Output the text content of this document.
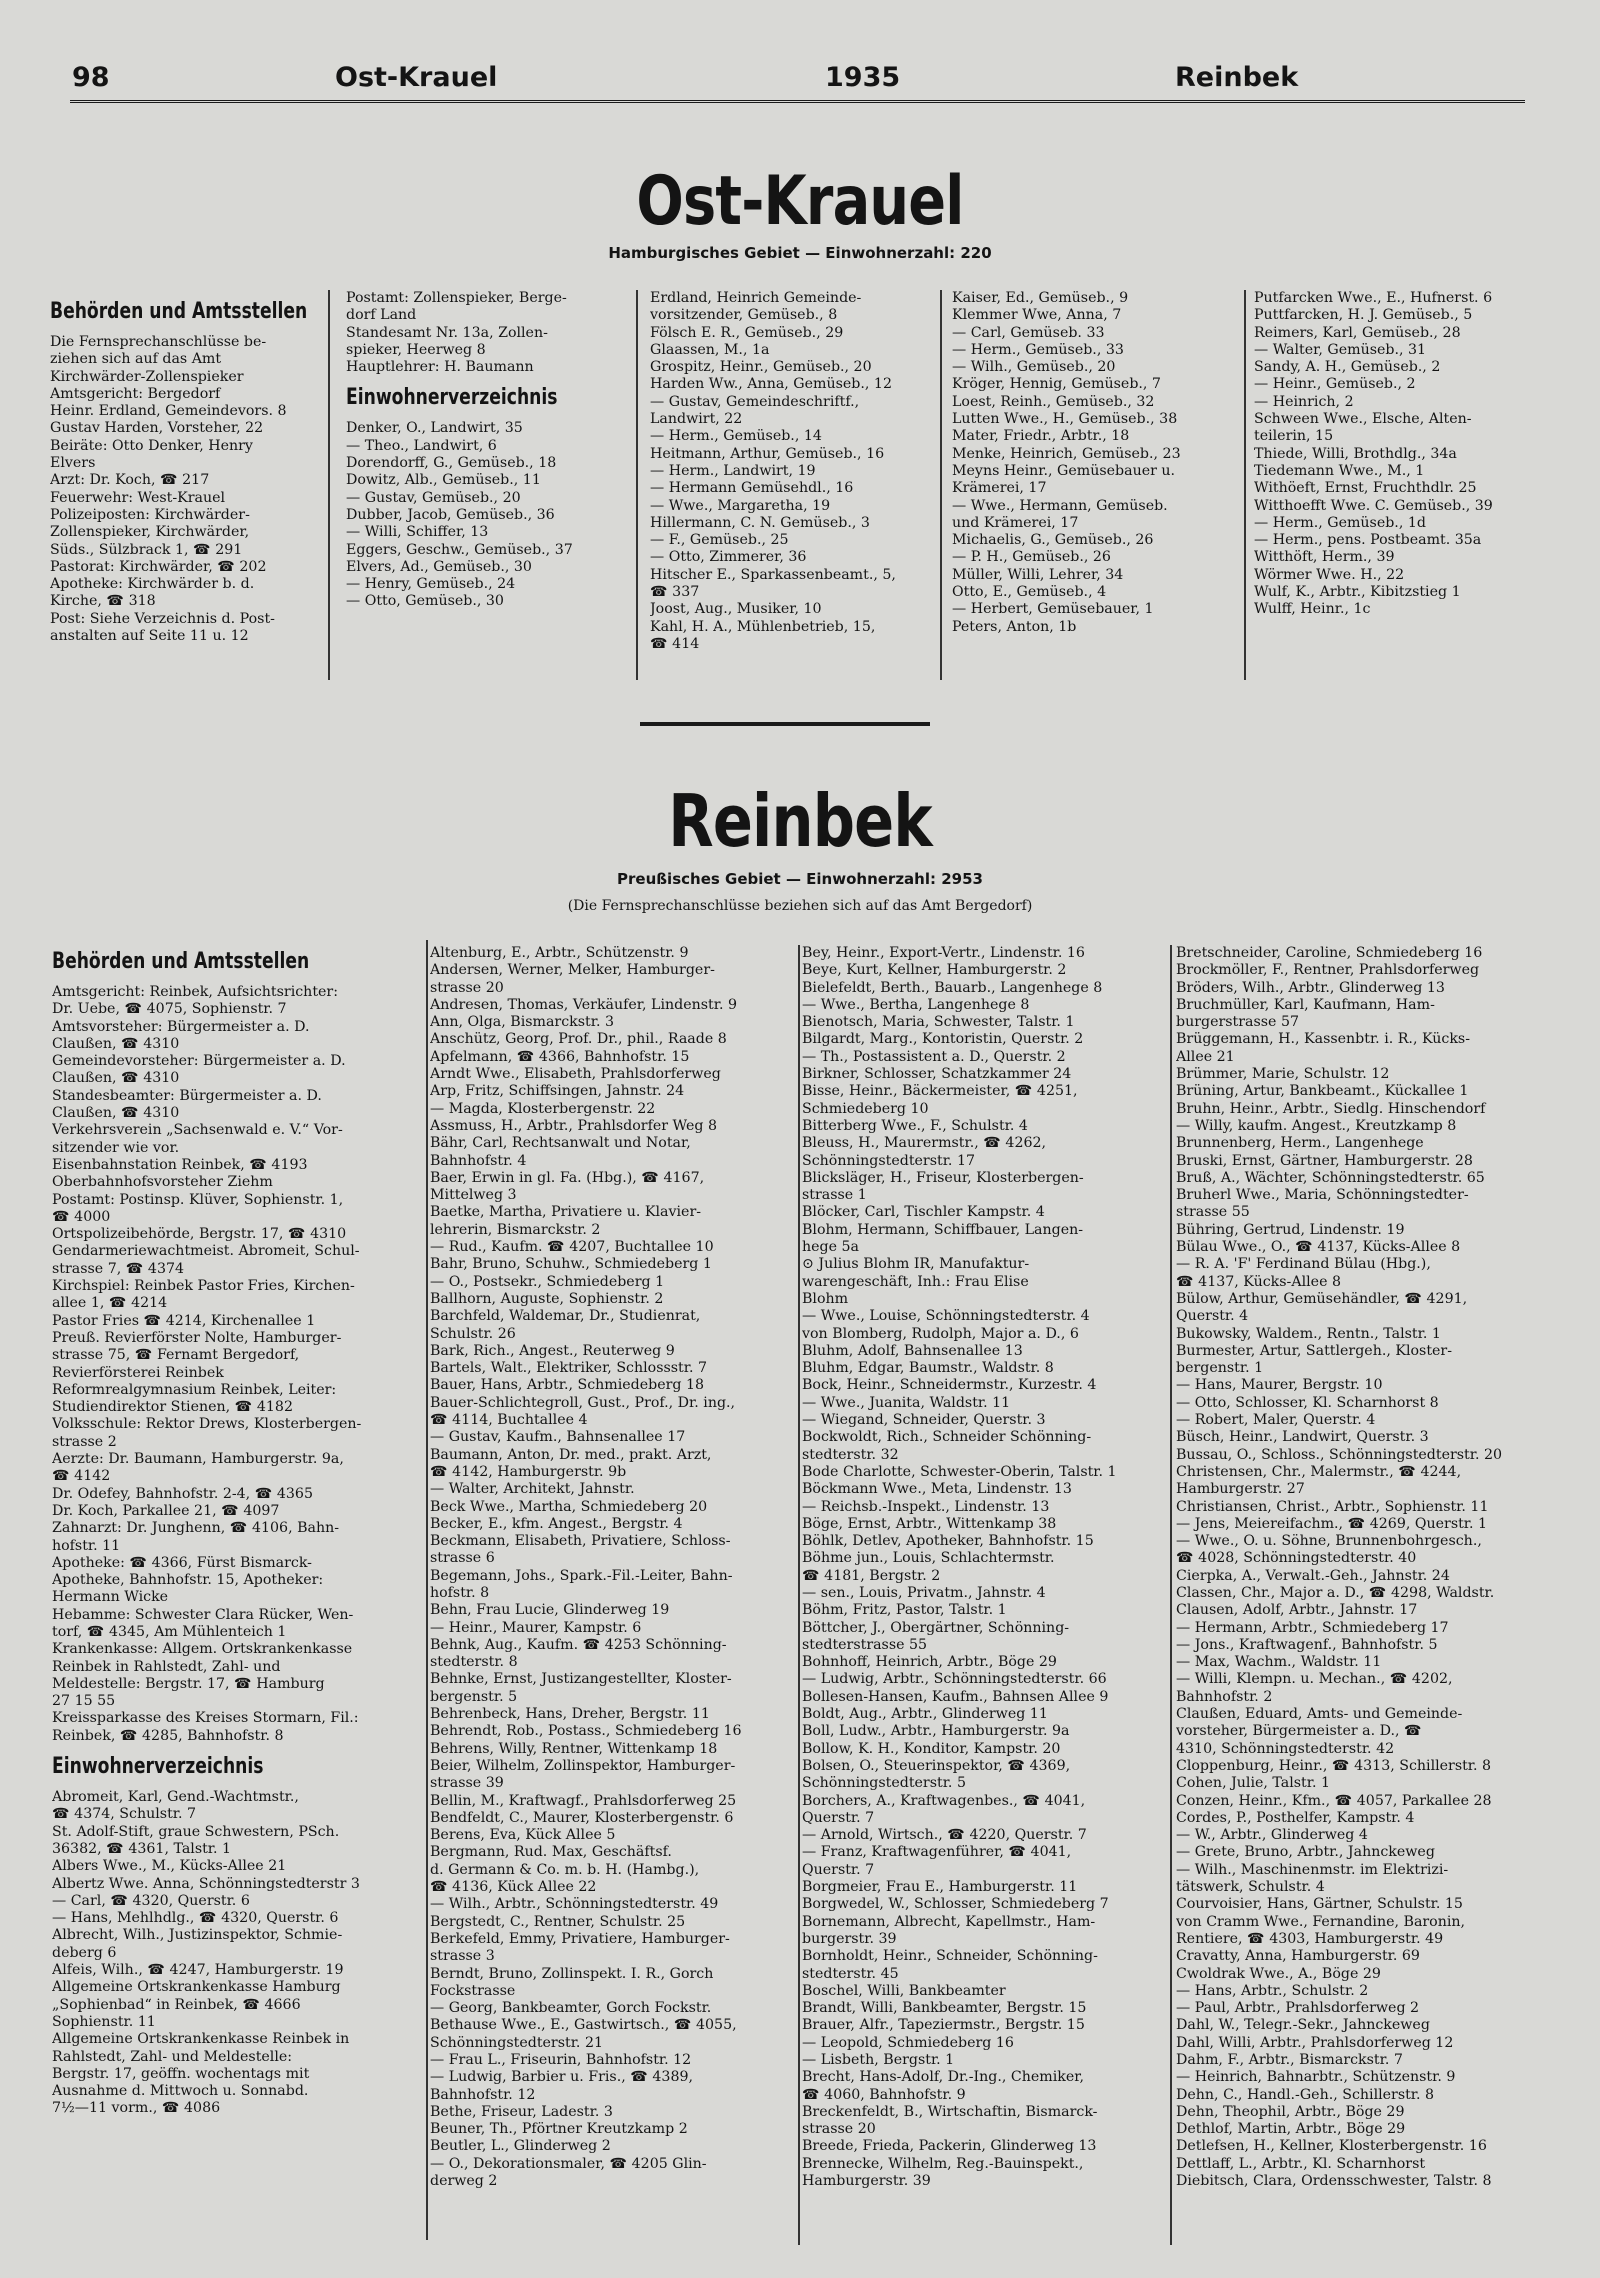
98	Ost-Krauel	1935	Reinbek
Ost-Krauel
Hamburgisches Gebiet — Einwohnerzahl: 220
Behörden und Amtsstellen
Die Fernsprechanschlüsse be-
ziehen sich auf das Amt
Kirchwärder-Zollenspieker
Amtsgericht: Bergedorf
Heinr. Erdland, Gemeindevors. 8
Gustav Harden, Vorsteher, 22
Beiräte: Otto Denker, Henry
Elvers
Arzt: Dr. Koch, ☎ 217
Feuerwehr: West-Krauel
Polizeiposten: Kirchwärder-
Zollenspieker, Kirchwärder,
Süds., Sülzbrack 1, ☎ 291
Pastorat: Kirchwärder, ☎ 202
Apotheke: Kirchwärder b. d.
Kirche, ☎ 318
Post: Siehe Verzeichnis d. Post-
anstalten auf Seite 11 u. 12
Postamt: Zollenspieker, Berge-
dorf Land
Standesamt Nr. 13a, Zollen-
spieker, Heerweg 8
Hauptlehrer: H. Baumann
Einwohnerverzeichnis
Denker, O., Landwirt, 35
— Theo., Landwirt, 6
Dorendorff, G., Gemüseb., 18
Dowitz, Alb., Gemüseb., 11
— Gustav, Gemüseb., 20
Dubber, Jacob, Gemüseb., 36
— Willi, Schiffer, 13
Eggers, Geschw., Gemüseb., 37
Elvers, Ad., Gemüseb., 30
— Henry, Gemüseb., 24
— Otto, Gemüseb., 30
Erdland, Heinrich Gemeinde-
vorsitzender, Gemüseb., 8
Fölsch E. R., Gemüseb., 29
Glaassen, M., 1a
Grospitz, Heinr., Gemüseb., 20
Harden Ww., Anna, Gemüseb., 12
— Gustav, Gemeindeschriftf.,
Landwirt, 22
— Herm., Gemüseb., 14
Heitmann, Arthur, Gemüseb., 16
— Herm., Landwirt, 19
— Hermann Gemüsehdl., 16
— Wwe., Margaretha, 19
Hillermann, C. N. Gemüseb., 3
— F., Gemüseb., 25
— Otto, Zimmerer, 36
Hitscher E., Sparkassenbeamt., 5,
☎ 337
Joost, Aug., Musiker, 10
Kahl, H. A., Mühlenbetrieb, 15,
☎ 414
Kaiser, Ed., Gemüseb., 9
Klemmer Wwe, Anna, 7
— Carl, Gemüseb. 33
— Herm., Gemüseb., 33
— Wilh., Gemüseb., 20
Kröger, Hennig, Gemüseb., 7
Loest, Reinh., Gemüseb., 32
Lutten Wwe., H., Gemüseb., 38
Mater, Friedr., Arbtr., 18
Menke, Heinrich, Gemüseb., 23
Meyns Heinr., Gemüsebauer u.
Krämerei, 17
— Wwe., Hermann, Gemüseb.
und Krämerei, 17
Michaelis, G., Gemüseb., 26
— P. H., Gemüseb., 26
Müller, Willi, Lehrer, 34
Otto, E., Gemüseb., 4
— Herbert, Gemüsebauer, 1
Peters, Anton, 1b
Putfarcken Wwe., E., Hufnerst. 6
Puttfarcken, H. J. Gemüseb., 5
Reimers, Karl, Gemüseb., 28
— Walter, Gemüseb., 31
Sandy, A. H., Gemüseb., 2
— Heinr., Gemüseb., 2
— Heinrich, 2
Schween Wwe., Elsche, Alten-
teilerin, 15
Thiede, Willi, Brothdlg., 34a
Tiedemann Wwe., M., 1
Withöeft, Ernst, Fruchthdlr. 25
Witthoefft Wwe. C. Gemüseb., 39
— Herm., Gemüseb., 1d
— Herm., pens. Postbeamt. 35a
Witthöft, Herm., 39
Wörmer Wwe. H., 22
Wulf, K., Arbtr., Kibitzstieg 1
Wulff, Heinr., 1c
Reinbek
Preußisches Gebiet — Einwohnerzahl: 2953
(Die Fernsprechanschlüsse beziehen sich auf das Amt Bergedorf)
Behörden und Amtsstellen
Amtsgericht: Reinbek, Aufsichtsrichter:
Dr. Uebe, ☎ 4075, Sophienstr. 7
Amtsvorsteher: Bürgermeister a. D.
Claußen, ☎ 4310
Gemeindevorsteher: Bürgermeister a. D.
Claußen, ☎ 4310
Standesbeamter: Bürgermeister a. D.
Claußen, ☎ 4310
Verkehrsverein „Sachsenwald e. V.“ Vor-
sitzender wie vor.
Eisenbahnstation Reinbek, ☎ 4193
Oberbahnhofsvorsteher Ziehm
Postamt: Postinsp. Klüver, Sophienstr. 1,
☎ 4000
Ortspolizeibehörde, Bergstr. 17, ☎ 4310
Gendarmeriewachtmeist. Abromeit, Schul-
strasse 7, ☎ 4374
Kirchspiel: Reinbek Pastor Fries, Kirchen-
allee 1, ☎ 4214
Pastor Fries ☎ 4214, Kirchenallee 1
Preuß. Revierförster Nolte, Hamburger-
strasse 75, ☎ Fernamt Bergedorf,
Revierförsterei Reinbek
Reformrealgymnasium Reinbek, Leiter:
Studiendirektor Stienen, ☎ 4182
Volksschule: Rektor Drews, Klosterbergen-
strasse 2
Aerzte: Dr. Baumann, Hamburgerstr. 9a,
☎ 4142
Dr. Odefey, Bahnhofstr. 2-4, ☎ 4365
Dr. Koch, Parkallee 21, ☎ 4097
Zahnarzt: Dr. Junghenn, ☎ 4106, Bahn-
hofstr. 11
Apotheke: ☎ 4366, Fürst Bismarck-
Apotheke, Bahnhofstr. 15, Apotheker:
Hermann Wicke
Hebamme: Schwester Clara Rücker, Wen-
torf, ☎ 4345, Am Mühlenteich 1
Krankenkasse: Allgem. Ortskrankenkasse
Reinbek in Rahlstedt, Zahl- und
Meldestelle: Bergstr. 17, ☎ Hamburg
27 15 55
Kreissparkasse des Kreises Stormarn, Fil.:
Reinbek, ☎ 4285, Bahnhofstr. 8
Einwohnerverzeichnis
Abromeit, Karl, Gend.-Wachtmstr.,
☎ 4374, Schulstr. 7
St. Adolf-Stift, graue Schwestern, PSch.
36382, ☎ 4361, Talstr. 1
Albers Wwe., M., Kücks-Allee 21
Albertz Wwe. Anna, Schönningstedterstr 3
— Carl, ☎ 4320, Querstr. 6
— Hans, Mehlhdlg., ☎ 4320, Querstr. 6
Albrecht, Wilh., Justizinspektor, Schmie-
deberg 6
Alfeis, Wilh., ☎ 4247, Hamburgerstr. 19
Allgemeine Ortskrankenkasse Hamburg
„Sophienbad“ in Reinbek, ☎ 4666
Sophienstr. 11
Allgemeine Ortskrankenkasse Reinbek in
Rahlstedt, Zahl- und Meldestelle:
Bergstr. 17, geöffn. wochentags mit
Ausnahme d. Mittwoch u. Sonnabd.
7½—11 vorm., ☎ 4086
Altenburg, E., Arbtr., Schützenstr. 9
Andersen, Werner, Melker, Hamburger-
strasse 20
Andresen, Thomas, Verkäufer, Lindenstr. 9
Ann, Olga, Bismarckstr. 3
Anschütz, Georg, Prof. Dr., phil., Raade 8
Apfelmann, ☎ 4366, Bahnhofstr. 15
Arndt Wwe., Elisabeth, Prahlsdorferweg
Arp, Fritz, Schiffsingen, Jahnstr. 24
— Magda, Klosterbergenstr. 22
Assmuss, H., Arbtr., Prahlsdorfer Weg 8
Bähr, Carl, Rechtsanwalt und Notar,
Bahnhofstr. 4
Baer, Erwin in gl. Fa. (Hbg.), ☎ 4167,
Mittelweg 3
Baetke, Martha, Privatiere u. Klavier-
lehrerin, Bismarckstr. 2
— Rud., Kaufm. ☎ 4207, Buchtallee 10
Bahr, Bruno, Schuhw., Schmiedeberg 1
— O., Postsekr., Schmiedeberg 1
Ballhorn, Auguste, Sophienstr. 2
Barchfeld, Waldemar, Dr., Studienrat,
Schulstr. 26
Bark, Rich., Angest., Reuterweg 9
Bartels, Walt., Elektriker, Schlossstr. 7
Bauer, Hans, Arbtr., Schmiedeberg 18
Bauer-Schlichtegroll, Gust., Prof., Dr. ing.,
☎ 4114, Buchtallee 4
— Gustav, Kaufm., Bahnsenallee 17
Baumann, Anton, Dr. med., prakt. Arzt,
☎ 4142, Hamburgerstr. 9b
— Walter, Architekt, Jahnstr.
Beck Wwe., Martha, Schmiedeberg 20
Becker, E., kfm. Angest., Bergstr. 4
Beckmann, Elisabeth, Privatiere, Schloss-
strasse 6
Begemann, Johs., Spark.-Fil.-Leiter, Bahn-
hofstr. 8
Behn, Frau Lucie, Glinderweg 19
— Heinr., Maurer, Kampstr. 6
Behnk, Aug., Kaufm. ☎ 4253 Schönning-
stedterstr. 8
Behnke, Ernst, Justizangestellter, Kloster-
bergenstr. 5
Behrenbeck, Hans, Dreher, Bergstr. 11
Behrendt, Rob., Postass., Schmiedeberg 16
Behrens, Willy, Rentner, Wittenkamp 18
Beier, Wilhelm, Zollinspektor, Hamburger-
strasse 39
Bellin, M., Kraftwagf., Prahlsdorferweg 25
Bendfeldt, C., Maurer, Klosterbergenstr. 6
Berens, Eva, Kück Allee 5
Bergmann, Rud. Max, Geschäftsf.
d. Germann & Co. m. b. H. (Hambg.),
☎ 4136, Kück Allee 22
— Wilh., Arbtr., Schönningstedterstr. 49
Bergstedt, C., Rentner, Schulstr. 25
Berkefeld, Emmy, Privatiere, Hamburger-
strasse 3
Berndt, Bruno, Zollinspekt. I. R., Gorch
Fockstrasse
— Georg, Bankbeamter, Gorch Fockstr.
Bethause Wwe., E., Gastwirtsch., ☎ 4055,
Schönningstedterstr. 21
— Frau L., Friseurin, Bahnhofstr. 12
— Ludwig, Barbier u. Fris., ☎ 4389,
Bahnhofstr. 12
Bethe, Friseur, Ladestr. 3
Beuner, Th., Pförtner Kreutzkamp 2
Beutler, L., Glinderweg 2
— O., Dekorationsmaler, ☎ 4205 Glin-
derweg 2
Bey, Heinr., Export-Vertr., Lindenstr. 16
Beye, Kurt, Kellner, Hamburgerstr. 2
Bielefeldt, Berth., Bauarb., Langenhege 8
— Wwe., Bertha, Langenhege 8
Bienotsch, Maria, Schwester, Talstr. 1
Bilgardt, Marg., Kontoristin, Querstr. 2
— Th., Postassistent a. D., Querstr. 2
Birkner, Schlosser, Schatzkammer 24
Bisse, Heinr., Bäckermeister, ☎ 4251,
Schmiedeberg 10
Bitterberg Wwe., F., Schulstr. 4
Bleuss, H., Maurermstr., ☎ 4262,
Schönningstedterstr. 17
Blicksläger, H., Friseur, Klosterbergen-
strasse 1
Blöcker, Carl, Tischler Kampstr. 4
Blohm, Hermann, Schiffbauer, Langen-
hege 5a
⊙ Julius Blohm IR, Manufaktur-
warengeschäft, Inh.: Frau Elise
Blohm
— Wwe., Louise, Schönningstedterstr. 4
von Blomberg, Rudolph, Major a. D., 6
Bluhm, Adolf, Bahnsenallee 13
Bluhm, Edgar, Baumstr., Waldstr. 8
Bock, Heinr., Schneidermstr., Kurzestr. 4
— Wwe., Juanita, Waldstr. 11
— Wiegand, Schneider, Querstr. 3
Bockwoldt, Rich., Schneider Schönning-
stedterstr. 32
Bode Charlotte, Schwester-Oberin, Talstr. 1
Böckmann Wwe., Meta, Lindenstr. 13
— Reichsb.-Inspekt., Lindenstr. 13
Böge, Ernst, Arbtr., Wittenkamp 38
Böhlk, Detlev, Apotheker, Bahnhofstr. 15
Böhme jun., Louis, Schlachtermstr.
☎ 4181, Bergstr. 2
— sen., Louis, Privatm., Jahnstr. 4
Böhm, Fritz, Pastor, Talstr. 1
Böttcher, J., Obergärtner, Schönning-
stedterstrasse 55
Bohnhoff, Heinrich, Arbtr., Böge 29
— Ludwig, Arbtr., Schönningstedterstr. 66
Bollesen-Hansen, Kaufm., Bahnsen Allee 9
Boldt, Aug., Arbtr., Glinderweg 11
Boll, Ludw., Arbtr., Hamburgerstr. 9a
Bollow, K. H., Konditor, Kampstr. 20
Bolsen, O., Steuerinspektor, ☎ 4369,
Schönningstedterstr. 5
Borchers, A., Kraftwagenbes., ☎ 4041,
Querstr. 7
— Arnold, Wirtsch., ☎ 4220, Querstr. 7
— Franz, Kraftwagenführer, ☎ 4041,
Querstr. 7
Borgmeier, Frau E., Hamburgerstr. 11
Borgwedel, W., Schlosser, Schmiedeberg 7
Bornemann, Albrecht, Kapellmstr., Ham-
burgerstr. 39
Bornholdt, Heinr., Schneider, Schönning-
stedterstr. 45
Boschel, Willi, Bankbeamter
Brandt, Willi, Bankbeamter, Bergstr. 15
Brauer, Alfr., Tapeziermstr., Bergstr. 15
— Leopold, Schmiedeberg 16
— Lisbeth, Bergstr. 1
Brecht, Hans-Adolf, Dr.-Ing., Chemiker,
☎ 4060, Bahnhofstr. 9
Breckenfeldt, B., Wirtschaftin, Bismarck-
strasse 20
Breede, Frieda, Packerin, Glinderweg 13
Brennecke, Wilhelm, Reg.-Bauinspekt.,
Hamburgerstr. 39
Bretschneider, Caroline, Schmiedeberg 16
Brockmöller, F., Rentner, Prahlsdorferweg
Bröders, Wilh., Arbtr., Glinderweg 13
Bruchmüller, Karl, Kaufmann, Ham-
burgerstrasse 57
Brüggemann, H., Kassenbtr. i. R., Kücks-
Allee 21
Brümmer, Marie, Schulstr. 12
Brüning, Artur, Bankbeamt., Kückallee 1
Bruhn, Heinr., Arbtr., Siedlg. Hinschendorf
— Willy, kaufm. Angest., Kreutzkamp 8
Brunnenberg, Herm., Langenhege
Bruski, Ernst, Gärtner, Hamburgerstr. 28
Bruß, A., Wächter, Schönningstedterstr. 65
Bruherl Wwe., Maria, Schönningstedter-
strasse 55
Bühring, Gertrud, Lindenstr. 19
Bülau Wwe., O., ☎ 4137, Kücks-Allee 8
— R. A. 'F' Ferdinand Bülau (Hbg.),
☎ 4137, Kücks-Allee 8
Bülow, Arthur, Gemüsehändler, ☎ 4291,
Querstr. 4
Bukowsky, Waldem., Rentn., Talstr. 1
Burmester, Artur, Sattlergeh., Kloster-
bergenstr. 1
— Hans, Maurer, Bergstr. 10
— Otto, Schlosser, Kl. Scharnhorst 8
— Robert, Maler, Querstr. 4
Büsch, Heinr., Landwirt, Querstr. 3
Bussau, O., Schloss., Schönningstedterstr. 20
Christensen, Chr., Malermstr., ☎ 4244,
Hamburgerstr. 27
Christiansen, Christ., Arbtr., Sophienstr. 11
— Jens, Meiereifachm., ☎ 4269, Querstr. 1
— Wwe., O. u. Söhne, Brunnenbohrgesch.,
☎ 4028, Schönningstedterstr. 40
Cierpka, A., Verwalt.-Geh., Jahnstr. 24
Classen, Chr., Major a. D., ☎ 4298, Waldstr.
Clausen, Adolf, Arbtr., Jahnstr. 17
— Hermann, Arbtr., Schmiedeberg 17
— Jons., Kraftwagenf., Bahnhofstr. 5
— Max, Wachm., Waldstr. 11
— Willi, Klempn. u. Mechan., ☎ 4202,
Bahnhofstr. 2
Claußen, Eduard, Amts- und Gemeinde-
vorsteher, Bürgermeister a. D., ☎
4310, Schönningstedterstr. 42
Cloppenburg, Heinr., ☎ 4313, Schillerstr. 8
Cohen, Julie, Talstr. 1
Conzen, Heinr., Kfm., ☎ 4057, Parkallee 28
Cordes, P., Posthelfer, Kampstr. 4
— W., Arbtr., Glinderweg 4
— Grete, Bruno, Arbtr., Jahnckeweg
— Wilh., Maschinenmstr. im Elektrizi-
tätswerk, Schulstr. 4
Courvoisier, Hans, Gärtner, Schulstr. 15
von Cramm Wwe., Fernandine, Baronin,
Rentiere, ☎ 4303, Hamburgerstr. 49
Cravatty, Anna, Hamburgerstr. 69
Cwoldrak Wwe., A., Böge 29
— Hans, Arbtr., Schulstr. 2
— Paul, Arbtr., Prahlsdorferweg 2
Dahl, W., Telegr.-Sekr., Jahnckeweg
Dahl, Willi, Arbtr., Prahlsdorferweg 12
Dahm, F., Arbtr., Bismarckstr. 7
— Heinrich, Bahnarbtr., Schützenstr. 9
Dehn, C., Handl.-Geh., Schillerstr. 8
Dehn, Theophil, Arbtr., Böge 29
Dethlof, Martin, Arbtr., Böge 29
Detlefsen, H., Kellner, Klosterbergenstr. 16
Dettlaff, L., Arbtr., Kl. Scharnhorst
Diebitsch, Clara, Ordensschwester, Talstr. 8
